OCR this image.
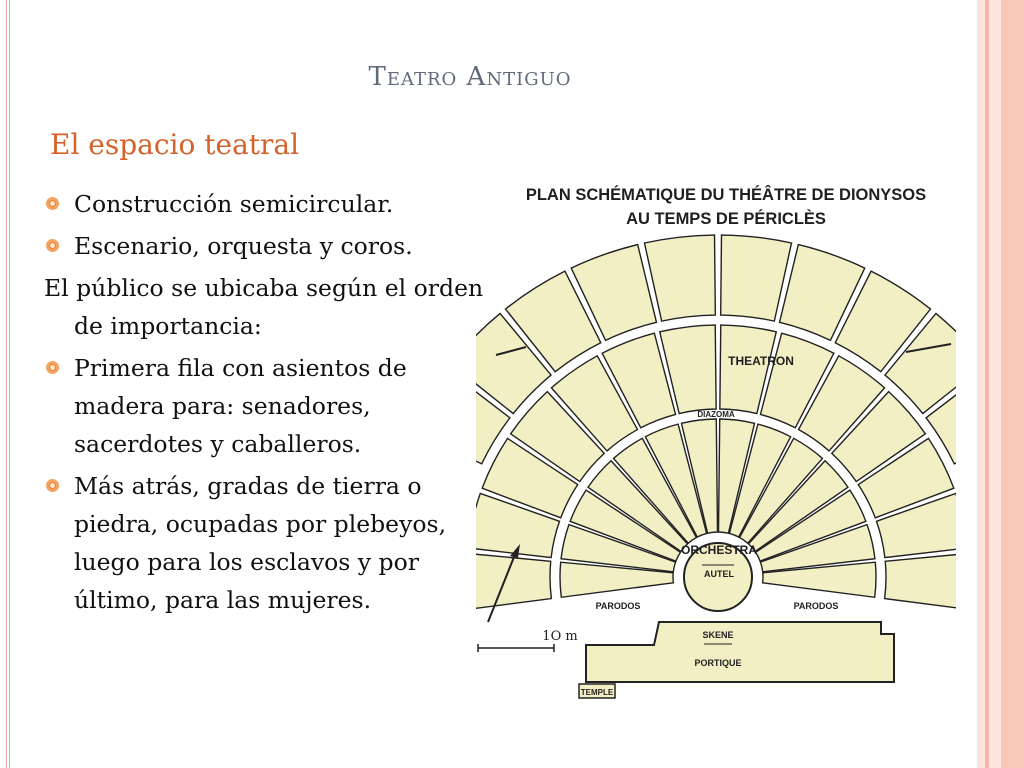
Teatro Antiguo
El espacio teatral
Construcción semicircular.
Escenario, orquesta y coros.
El público se ubicaba según el orden de importancia:
Primera fila con asientos de madera para: senadores, sacerdotes y caballeros.
Más atrás, gradas de tierra o piedra, ocupadas por plebeyos, luego para los esclavos y por último, para las mujeres.
PLAN SCHÉMATIQUE DU THÉÂTRE DE DIONYSOS
AU TEMPS DE PÉRICLÈS
THEATRON
DIAZOMA
ORCHESTRA
AUTEL
PARODOS	PARODOS
SKENE
PORTIQUE
TEMPLE
1O m
